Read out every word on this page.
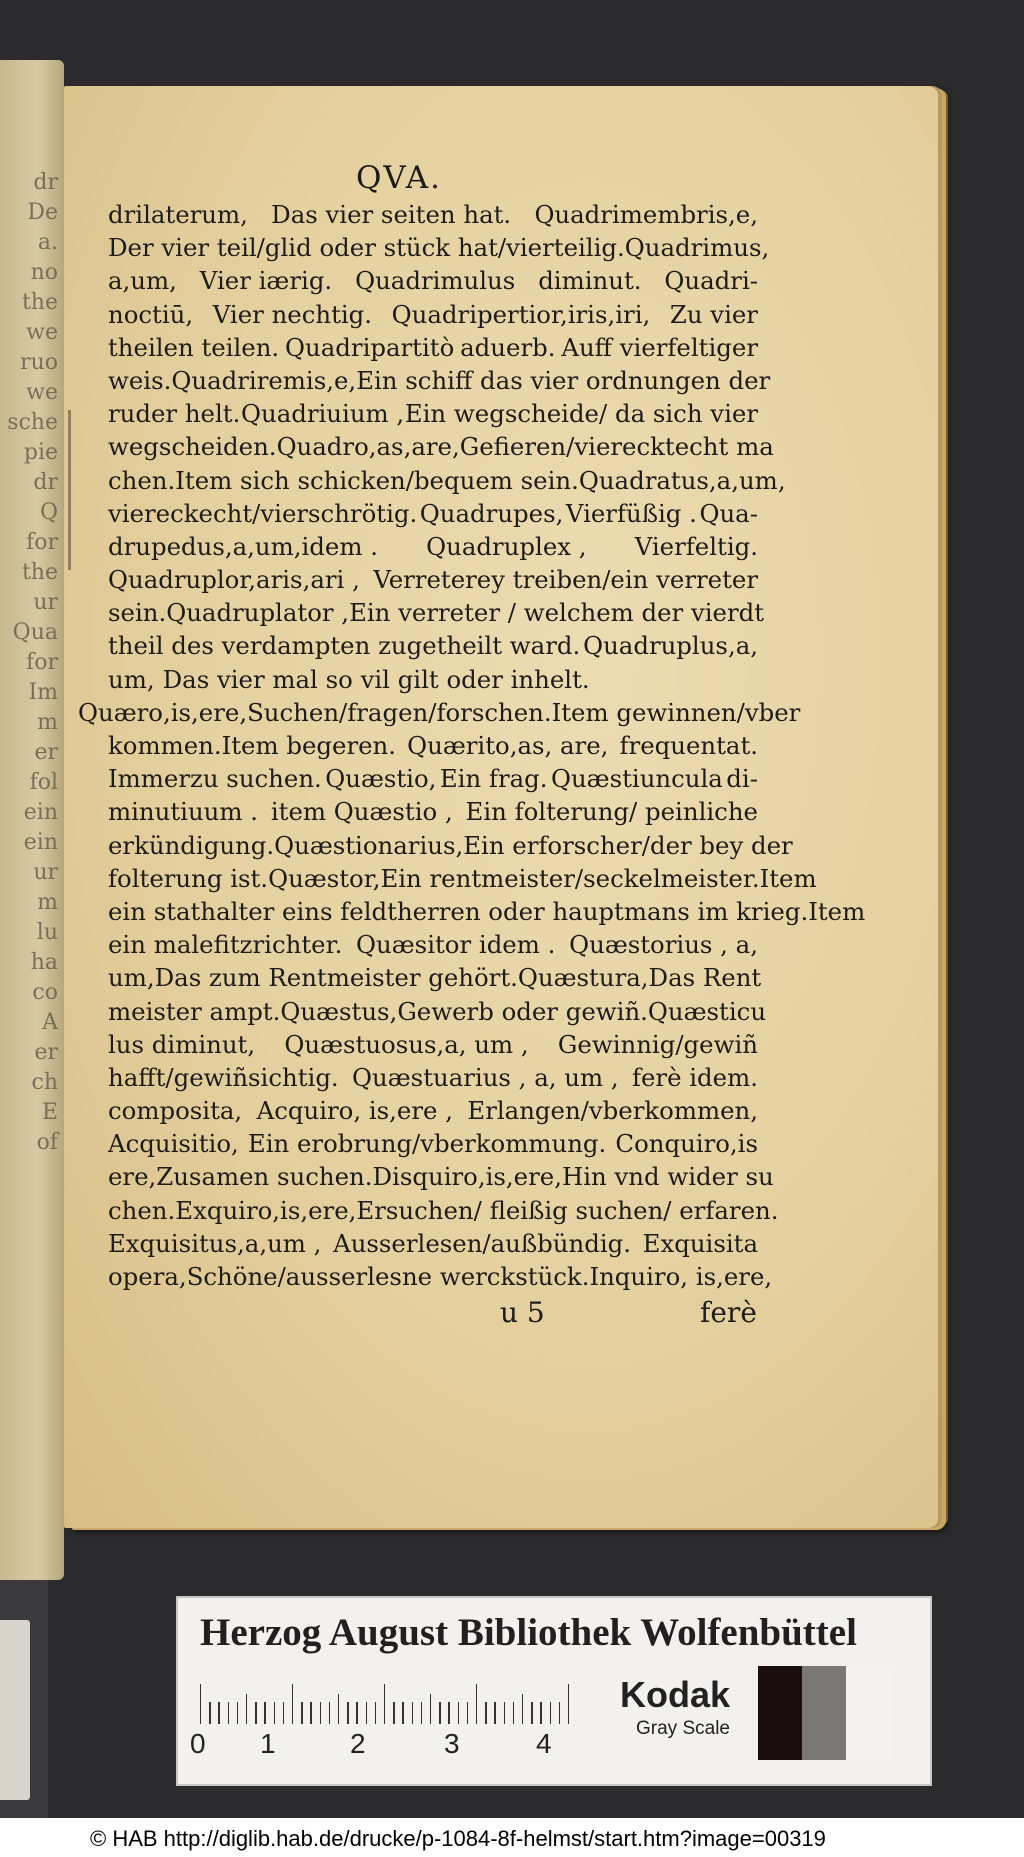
dr
De
a.
no
the
we
ruo
we
sche
pie
dr
Q
for
the
ur
Qua
for
Im
m
er
fol
ein
ein
ur
m
lu
ha
co
A
er
ch
E
of
QVA.
drilaterum, Das vier seiten hat. Quadrimembris,e,
Der vier teil/glid oder stück hat/vierteilig. Quadrimus,
a,um, Vier iærig. Quadrimulus diminut. Quadri-
noctiū, Vier nechtig. Quadripertior,iris,iri, Zu vier
theilen teilen. Quadripartitò aduerb. Auff vierfeltiger
weis. Quadriremis,e, Ein schiff das vier ordnungen der
ruder helt. Quadriuium , Ein wegscheide/ da sich vier
wegscheiden. Quadro,as,are, Gefieren/vierecktecht ma
chen.Item sich schicken/bequem sein. Quadratus,a,um,
viereckecht/vierschrötig. Quadrupes, Vierfüßig . Qua-
drupedus,a,um,idem . Quadruplex , Vierfeltig.
Quadruplor,aris,ari , Verreterey treiben/ein verreter
sein. Quadruplator , Ein verreter / welchem der vierdt
theil des verdampten zugetheilt ward. Quadruplus,a,
um, Das vier mal so vil gilt oder inhelt.
Quæro,is,ere, Suchen/fragen/forschen.Item gewinnen/vber
kommen.Item begeren. Quærito,as, are, frequentat.
Immerzu suchen. Quæstio, Ein frag. Quæstiuncula di-
minutiuum . item Quæstio , Ein folterung/ peinliche
erkündigung. Quæstionarius, Ein erforscher/der bey der
folterung ist. Quæstor, Ein rentmeister/seckelmeister.Item
ein stathalter eins feldtherren oder hauptmans im krieg.Item
ein malefitzrichter. Quæsitor idem . Quæstorius , a,
um, Das zum Rentmeister gehört. Quæstura, Das Rent
meister ampt. Quæstus, Gewerb oder gewiñ. Quæsticu
lus diminut, Quæstuosus,a, um , Gewinnig/gewiñ
hafft/gewiñsichtig. Quæstuarius , a, um , ferè idem.
composita, Acquiro, is,ere , Erlangen/vberkommen,
Acquisitio, Ein erobrung/vberkommung. Conquiro,is
ere, Zusamen suchen. Disquiro,is,ere, Hin vnd wider su
chen. Exquiro,is,ere, Ersuchen/ fleißig suchen/ erfaren.
Exquisitus,a,um , Ausserlesen/außbündig. Exquisita
opera, Schöne/ausserlesne werckstück. Inquiro, is,ere,
u 5	ferè
Herzog August Bibliothek Wolfenbüttel
0 1	2	3	4
Kodak
Gray Scale
© HAB http://diglib.hab.de/drucke/p-1084-8f-helmst/start.htm?image=00319
